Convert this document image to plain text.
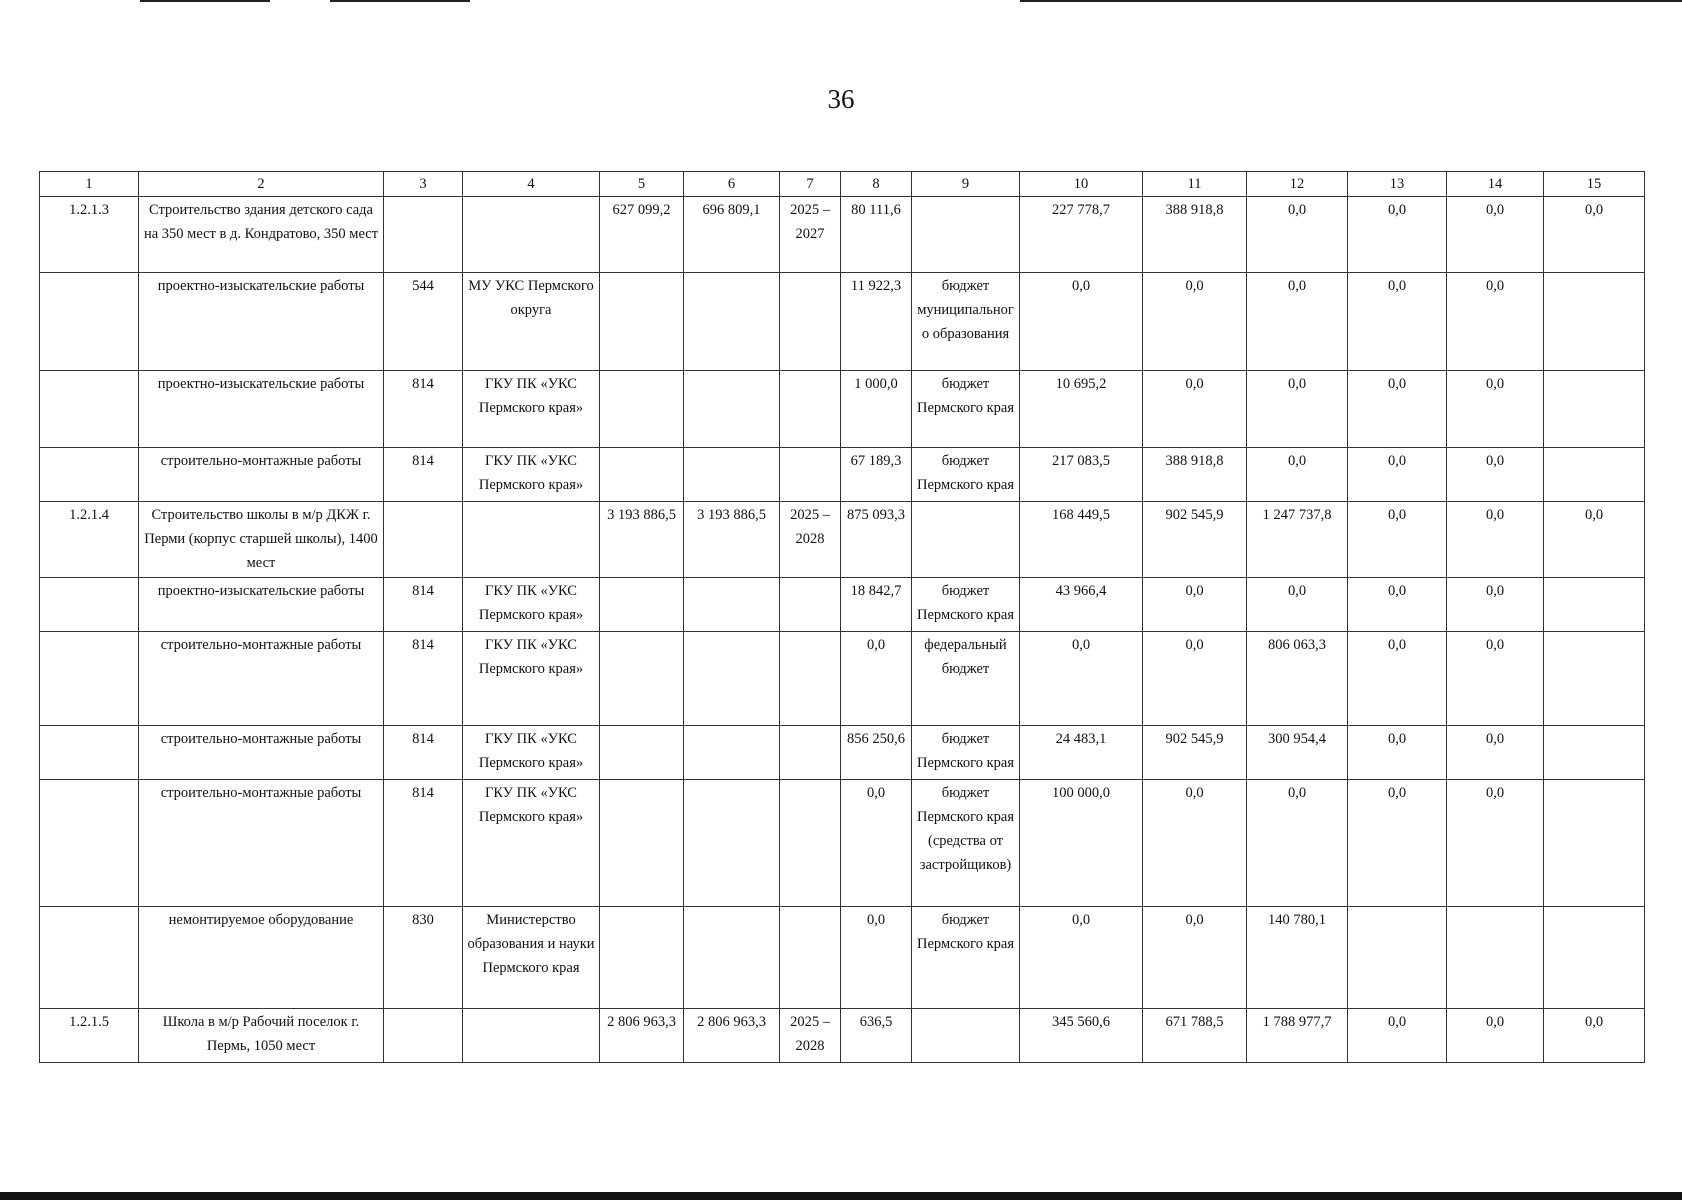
36
1	2	3	4	5	6	7	8	9	10	11	12	13	14	15
1.2.1.3	Строительство здания детского сада на 350 мест в д. Кондратово, 350 мест			627 099,2	696 809,1	2025 – 2027	80 111,6		227 778,7	388 918,8	0,0	0,0	0,0	0,0
	проектно-изыскательские работы	544	МУ УКС Пермского округа				11 922,3	бюджет муниципального образования	0,0	0,0	0,0	0,0	0,0	
	проектно-изыскательские работы	814	ГКУ ПК «УКС Пермского края»				1 000,0	бюджет Пермского края	10 695,2	0,0	0,0	0,0	0,0	
	строительно-монтажные работы	814	ГКУ ПК «УКС Пермского края»				67 189,3	бюджет Пермского края	217 083,5	388 918,8	0,0	0,0	0,0	
1.2.1.4	Строительство школы в м/р ДКЖ г. Перми (корпус старшей школы), 1400 мест			3 193 886,5	3 193 886,5	2025 – 2028	875 093,3		168 449,5	902 545,9	1 247 737,8	0,0	0,0	0,0
	проектно-изыскательские работы	814	ГКУ ПК «УКС Пермского края»				18 842,7	бюджет Пермского края	43 966,4	0,0	0,0	0,0	0,0	
	строительно-монтажные работы	814	ГКУ ПК «УКС Пермского края»				0,0	федеральный бюджет	0,0	0,0	806 063,3	0,0	0,0	
	строительно-монтажные работы	814	ГКУ ПК «УКС Пермского края»				856 250,6	бюджет Пермского края	24 483,1	902 545,9	300 954,4	0,0	0,0	
	строительно-монтажные работы	814	ГКУ ПК «УКС Пермского края»				0,0	бюджет Пермского края (средства от застройщиков)	100 000,0	0,0	0,0	0,0	0,0	
	немонтируемое оборудование	830	Министерство образования и науки Пермского края				0,0	бюджет Пермского края	0,0	0,0	140 780,1			
1.2.1.5	Школа в м/р Рабочий поселок г. Пермь, 1050 мест			2 806 963,3	2 806 963,3	2025 – 2028	636,5		345 560,6	671 788,5	1 788 977,7	0,0	0,0	0,0
